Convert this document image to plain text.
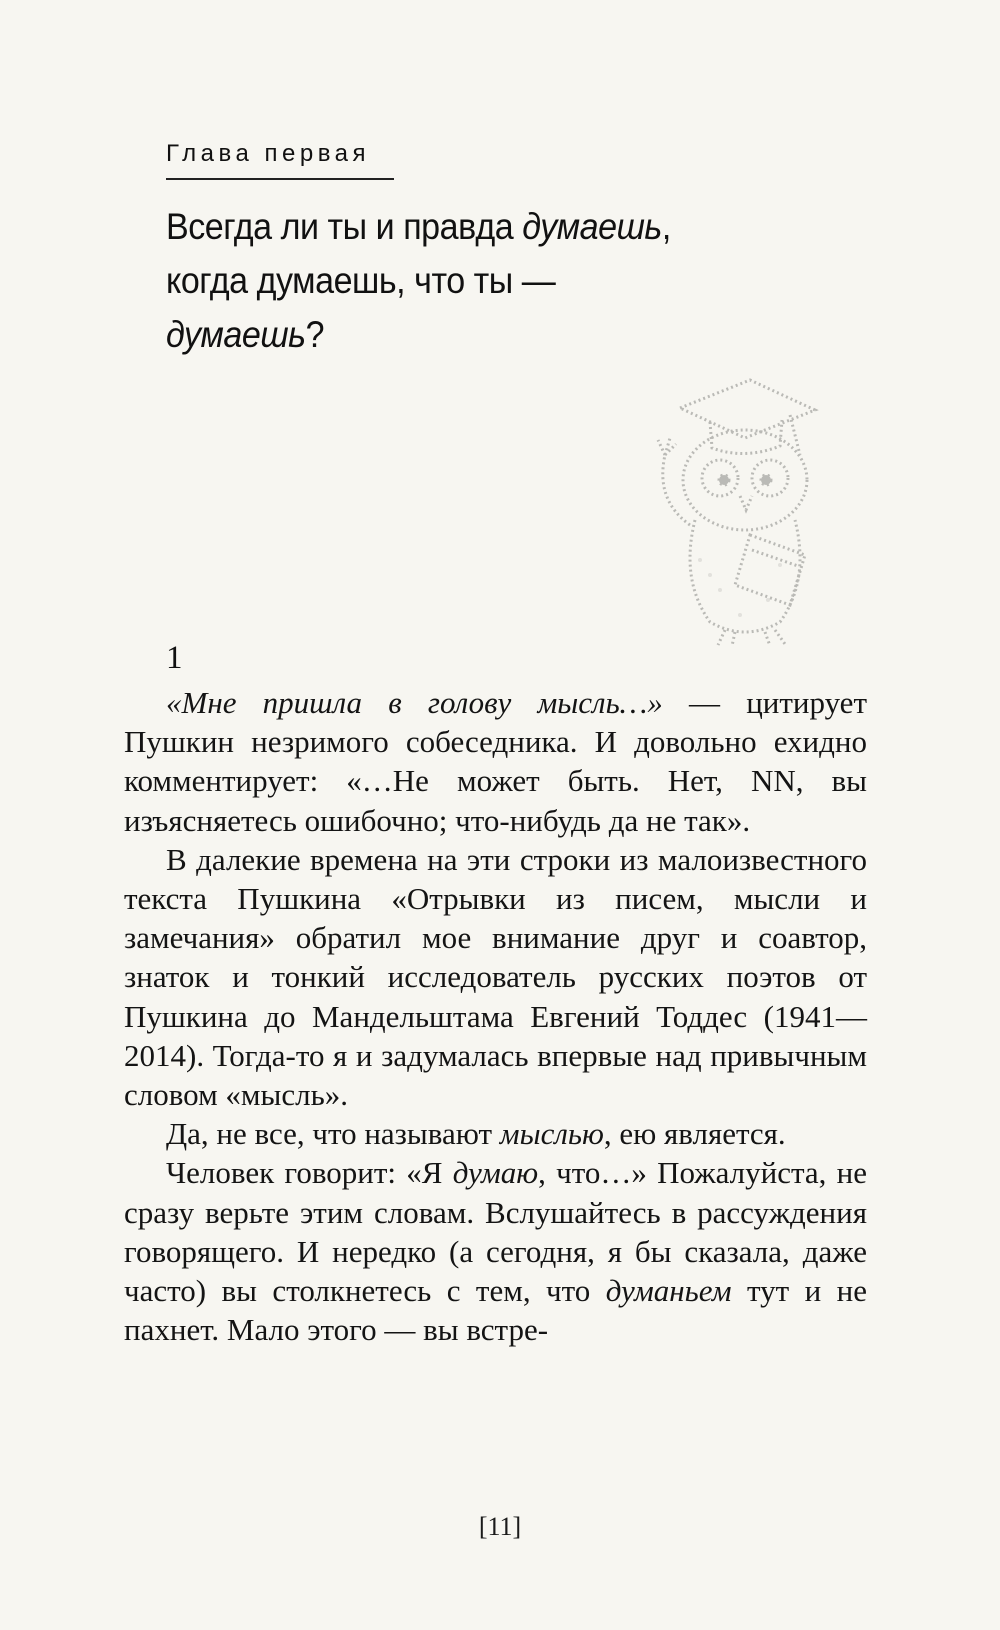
Глава первая
Всегда ли ты и правда думаешь,
когда думаешь, что ты —
думаешь?
1

«Мне пришла в голову мысль…» — цитирует Пушкин незримого собеседника. И довольно ехидно комментирует: «…Не может быть. Нет, NN, вы изъясняетесь ошибочно; что-нибудь да не так».

В далекие времена на эти строки из малоизвестного текста Пушкина «Отрывки из писем, мысли и замечания» обратил мое внимание друг и соавтор, знаток и тонкий исследователь русских поэтов от Пушкина до Мандельштама Евгений Тоддес (1941—2014). Тогда-то я и задумалась впервые над привычным словом «мысль».

Да, не все, что называют мыслью, ею является.

Человек говорит: «Я думаю, что…» Пожалуйста, не сразу верьте этим словам. Вслушайтесь в рассуждения говорящего. И нередко (а сегодня, я бы сказала, даже часто) вы столкнетесь с тем, что думаньем тут и не пахнет. Мало этого — вы встре-

[11]
